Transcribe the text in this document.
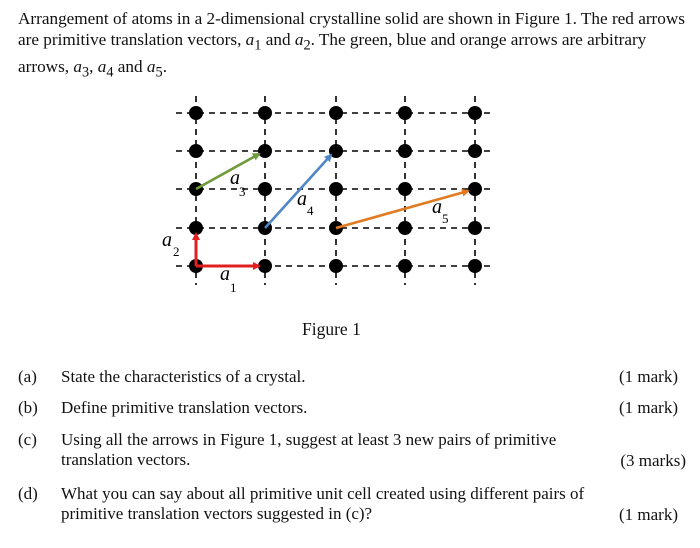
Arrangement of atoms in a 2-dimensional crystalline solid are shown in Figure 1. The red arrows are primitive translation vectors, $a_1$ and $a_2$. The green, blue and orange arrows are arbitrary arrows, $a_3$, $a_4$ and $a_5$.
a
1
a
2
a
3	a
4	a
5
Figure 1
(a) State the characteristics of a crystal.	(1 mark)
(b) Define primitive translation vectors.	(1 mark)
(c) Using all the arrows in Figure 1, suggest at least 3 new pairs of primitive translation vectors.	(3 marks)
(d) What you can say about all primitive unit cell created using different pairs of primitive translation vectors suggested in (c)?	(1 mark)
